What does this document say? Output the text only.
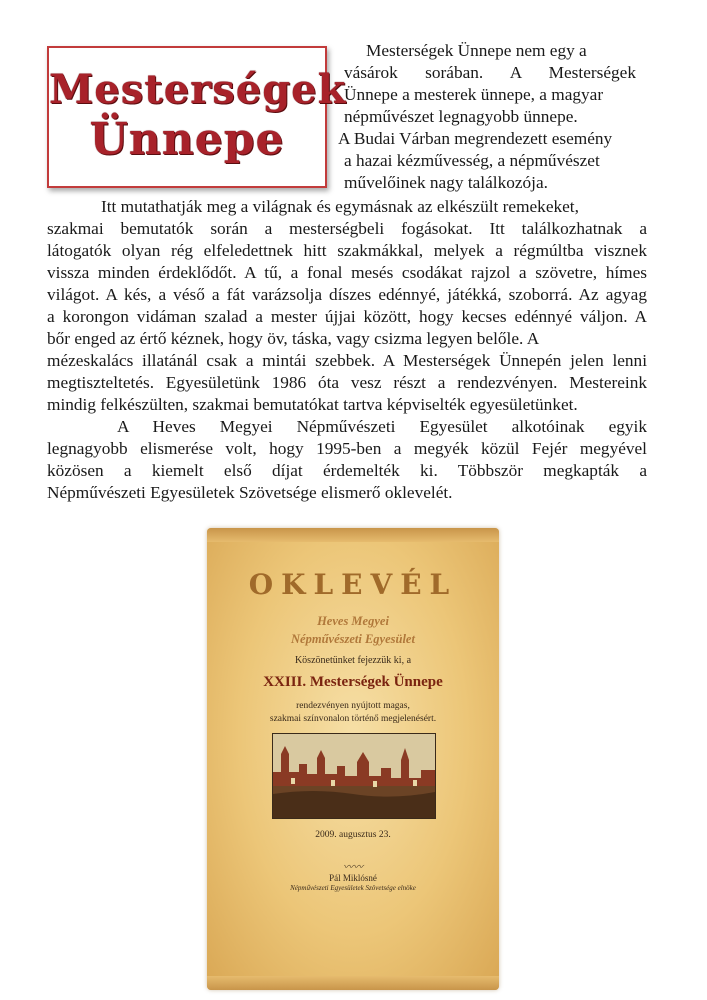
Mesterségek
Ünnepe
Mesterségek Ünnepe nem egy a
vásárok sorában. A Mesterségek
Ünnepe a mesterek ünnepe, a magyar
népművészet legnagyobb ünnepe.
A Budai Várban megrendezett esemény
a hazai kézművesség, a népművészet
művelőinek nagy találkozója.
Itt mutathatják meg a világnak és egymásnak az elkészült remekeket,
szakmai bemutatók során a mesterségbeli fogásokat. Itt találkozhatnak a
látogatók olyan rég elfeledettnek hitt szakmákkal, melyek a régmúltba visznek
vissza minden érdeklődőt. A tű, a fonal mesés csodákat rajzol a szövetre, hímes
világot. A kés, a véső a fát varázsolja díszes edénnyé, játékká, szoborrá. Az agyag
a korongon vidáman szalad a mester újjai között, hogy kecses edénnyé váljon. A
bőr enged az értő kéznek, hogy öv, táska, vagy csizma legyen belőle. A
mézeskalács illatánál csak a mintái szebbek. A Mesterségek Ünnepén jelen lenni
megtiszteltetés. Egyesületünk 1986 óta vesz részt a rendezvényen. Mestereink
mindig felkészülten, szakmai bemutatókat tartva képviselték egyesületünket.
A Heves Megyei Népművészeti Egyesület alkotóinak egyik
legnagyobb elismerése volt, hogy 1995-ben a megyék közül Fejér megyével
közösen a kiemelt első díjat érdemelték ki. Többször megkapták a
Népművészeti Egyesületek Szövetsége elismerő oklevelét.
OKLEVÉL
Heves Megyei
Népművészeti Egyesület
Köszönetünket fejezzük ki, a
XXIII. Mesterségek Ünnepe
rendezvényen nyújtott magas,
szakmai színvonalon történő megjelenésért.
2009. augusztus 23.
〰〰
Pál Miklósné
Népművészeti Egyesületek Szövetsége elnöke
